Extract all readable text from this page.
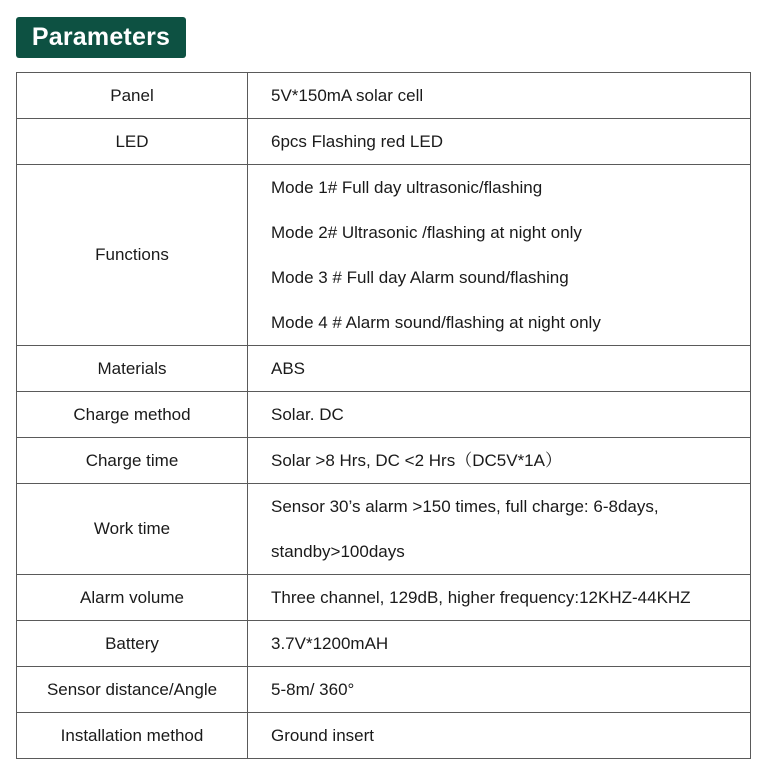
Parameters
Panel	5V*150mA solar cell

LED	6pcs Flashing red LED

Functions	Mode 1# Full day ultrasonic/flashing
Mode 2# Ultrasonic /flashing at night only
Mode 3 # Full day Alarm sound/flashing
Mode 4 # Alarm sound/flashing at night only

Materials	ABS

Charge method	Solar. DC

Charge time	Solar >8 Hrs, DC <2 Hrs（DC5V*1A）

Work time	Sensor 30’s alarm >150 times, full charge: 6-8days,
standby>100days

Alarm volume	Three channel, 129dB, higher frequency:12KHZ-44KHZ

Battery	3.7V*1200mAH

Sensor distance/Angle	5-8m/ 360°

Installation method	Ground insert
